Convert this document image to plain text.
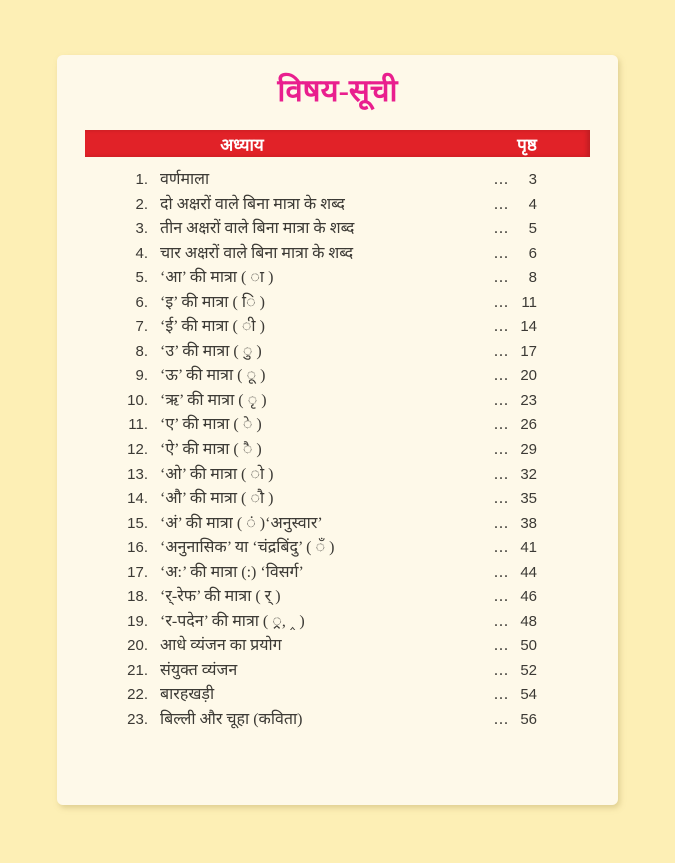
विषय-सूची
अध्याय	पृष्ठ
1. वर्णमाला	...	3
2. दो अक्षरों वाले बिना मात्रा के शब्द	...	4
3. तीन अक्षरों वाले बिना मात्रा के शब्द	...	5
4. चार अक्षरों वाले बिना मात्रा के शब्द	...	6
5. ‘आ’ की मात्रा ( ा )	...	8
6. ‘इ’ की मात्रा ( ि )	... 11
7. ‘ई’ की मात्रा ( ी )	... 14
8. ‘उ’ की मात्रा ( ु )	... 17
9. ‘ऊ’ की मात्रा ( ू )	... 20
10. ‘ऋ’ की मात्रा ( ृ )	... 23
11. ‘ए’ की मात्रा ( े )	... 26
12. ‘ऐ’ की मात्रा ( ै )	... 29
13. ‘ओ’ की मात्रा ( ो )	... 32
14. ‘औ’ की मात्रा ( ौ )	... 35
15. ‘अं’ की मात्रा ( ं )‘अनुस्वार’	... 38
16. ‘अनुनासिक’ या ‘चंद्रबिंदु’ ( ँ )	... 41
17. ‘अ:’ की मात्रा (:) ‘विसर्ग’	... 44
18. ‘र्-रेफ’ की मात्रा ( र् )	... 46
19. ‘र-पदेन’ की मात्रा ( ्र, ‸ )	... 48
20. आधे व्यंजन का प्रयोग	... 50
21. संयुक्त व्यंजन	... 52
22. बारहखड़ी	... 54
23. बिल्ली और चूहा (कविता)	... 56
